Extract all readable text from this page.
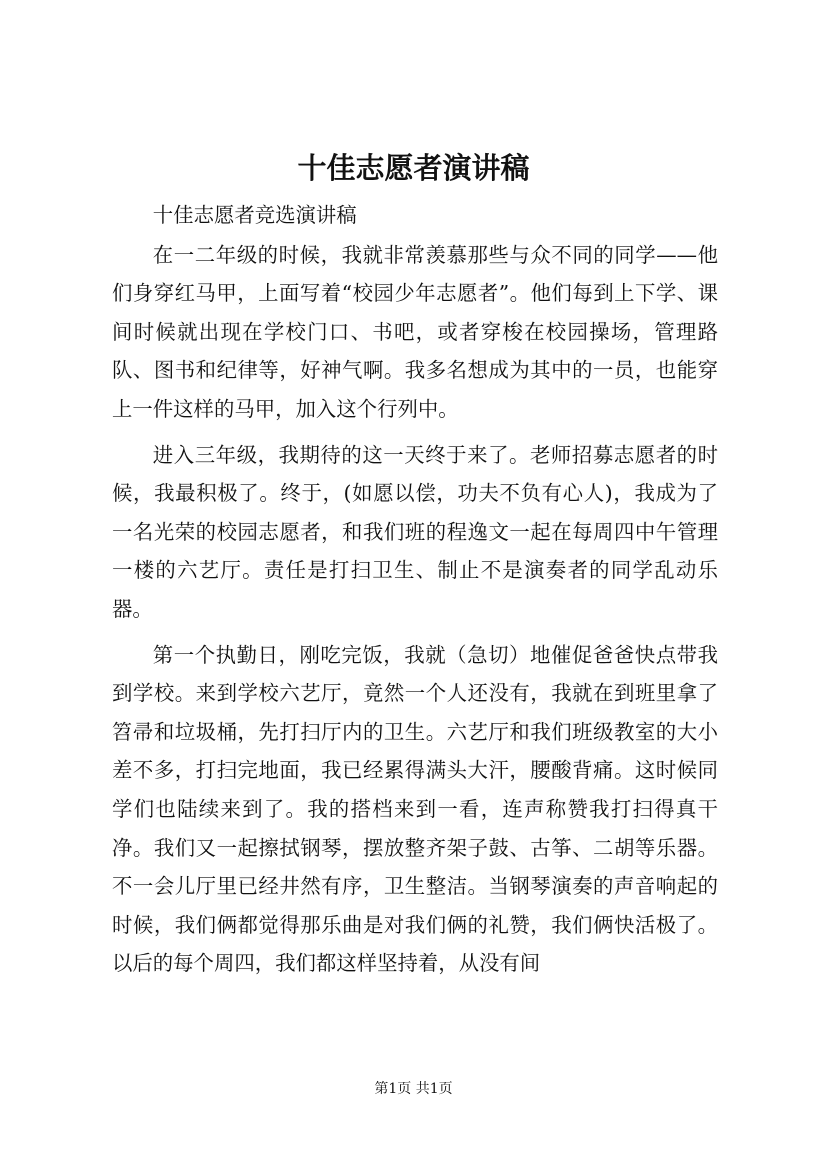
十佳志愿者演讲稿

十佳志愿者竞选演讲稿

在一二年级的时候，我就非常羡慕那些与众不同的同学——他们身穿红马甲，上面写着“校园少年志愿者”。他们每到上下学、课间时候就出现在学校门口、书吧，或者穿梭在校园操场，管理路队、图书和纪律等，好神气啊。我多名想成为其中的一员，也能穿上一件这样的马甲，加入这个行列中。

进入三年级，我期待的这一天终于来了。老师招募志愿者的时候，我最积极了。终于，(如愿以偿，功夫不负有心人)，我成为了一名光荣的校园志愿者，和我们班的程逸文一起在每周四中午管理一楼的六艺厅。责任是打扫卫生、制止不是演奏者的同学乱动乐器。

第一个执勤日，刚吃完饭，我就（急切）地催促爸爸快点带我到学校。来到学校六艺厅，竟然一个人还没有，我就在到班里拿了笤帚和垃圾桶，先打扫厅内的卫生。六艺厅和我们班级教室的大小差不多，打扫完地面，我已经累得满头大汗，腰酸背痛。这时候同学们也陆续来到了。我的搭档来到一看，连声称赞我打扫得真干净。我们又一起擦拭钢琴，摆放整齐架子鼓、古筝、二胡等乐器。不一会儿厅里已经井然有序，卫生整洁。当钢琴演奏的声音响起的时候，我们俩都觉得那乐曲是对我们俩的礼赞，我们俩快活极了。以后的每个周四，我们都这样坚持着，从没有间

第1页 共1页
